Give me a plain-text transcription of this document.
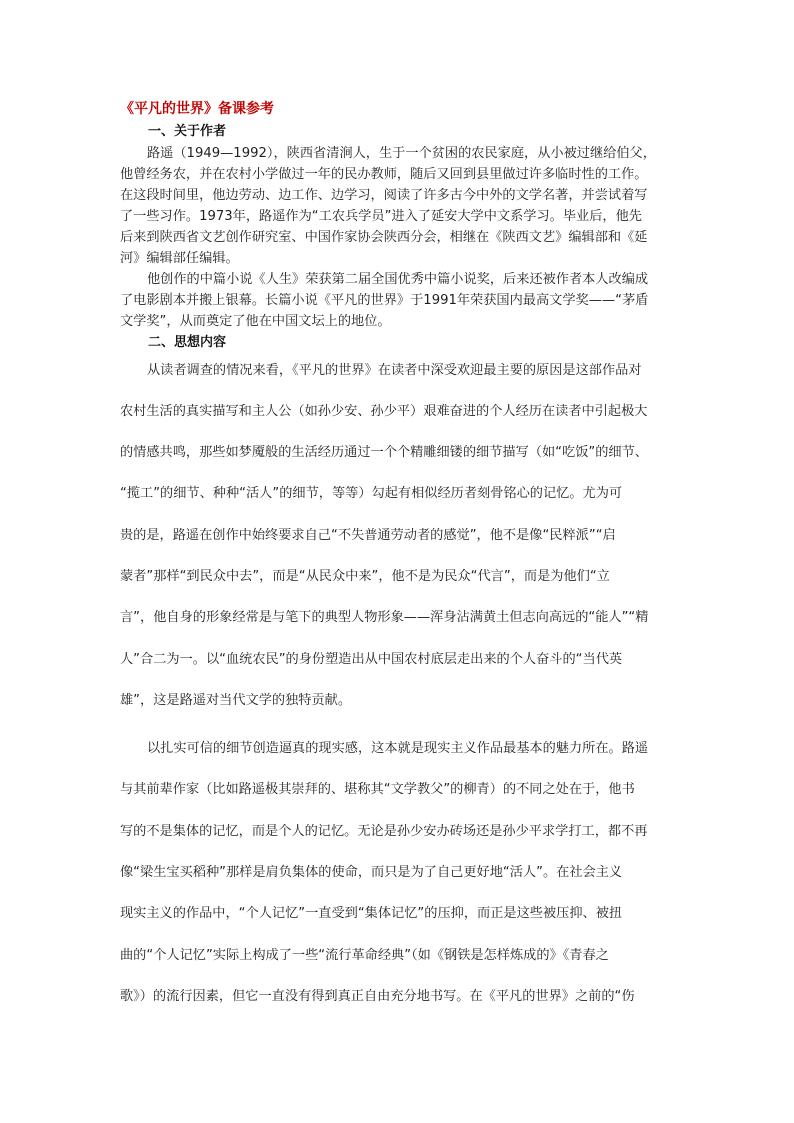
《平凡的世界》备课参考
一、关于作者
路遥（1949—1992），陕西省清涧人，生于一个贫困的农民家庭，从小被过继给伯父，
他曾经务农，并在农村小学做过一年的民办教师，随后又回到县里做过许多临时性的工作。
在这段时间里，他边劳动、边工作、边学习，阅读了许多古今中外的文学名著，并尝试着写
了一些习作。1973年，路遥作为“工农兵学员”进入了延安大学中文系学习。毕业后，他先
后来到陕西省文艺创作研究室、中国作家协会陕西分会，相继在《陕西文艺》编辑部和《延
河》编辑部任编辑。
他创作的中篇小说《人生》荣获第二届全国优秀中篇小说奖，后来还被作者本人改编成
了电影剧本并搬上银幕。长篇小说《平凡的世界》于1991年荣获国内最高文学奖——“茅盾
文学奖”，从而奠定了他在中国文坛上的地位。
二、思想内容
从读者调查的情况来看，《平凡的世界》在读者中深受欢迎最主要的原因是这部作品对
农村生活的真实描写和主人公（如孙少安、孙少平）艰难奋进的个人经历在读者中引起极大
的情感共鸣，那些如梦魇般的生活经历通过一个个精雕细镂的细节描写（如“吃饭”的细节、
“揽工”的细节、种种“活人”的细节，等等）勾起有相似经历者刻骨铭心的记忆。尤为可
贵的是，路遥在创作中始终要求自己“不失普通劳动者的感觉”，他不是像“民粹派”“启
蒙者”那样“到民众中去”，而是“从民众中来”，他不是为民众“代言”，而是为他们“立
言”，他自身的形象经常是与笔下的典型人物形象——浑身沾满黄土但志向高远的“能人”“精
人”合二为一。以“血统农民”的身份塑造出从中国农村底层走出来的个人奋斗的“当代英
雄”，这是路遥对当代文学的独特贡献。
以扎实可信的细节创造逼真的现实感，这本就是现实主义作品最基本的魅力所在。路遥
与其前辈作家（比如路遥极其崇拜的、堪称其“文学教父”的柳青）的不同之处在于，他书
写的不是集体的记忆，而是个人的记忆。无论是孙少安办砖场还是孙少平求学打工，都不再
像“梁生宝买稻种”那样是肩负集体的使命，而只是为了自己更好地“活人”。在社会主义
现实主义的作品中，“个人记忆”一直受到“集体记忆”的压抑，而正是这些被压抑、被扭
曲的“个人记忆”实际上构成了一些“流行革命经典”（如《钢铁是怎样炼成的》《青春之
歌》）的流行因素，但它一直没有得到真正自由充分地书写。在《平凡的世界》之前的“伤
